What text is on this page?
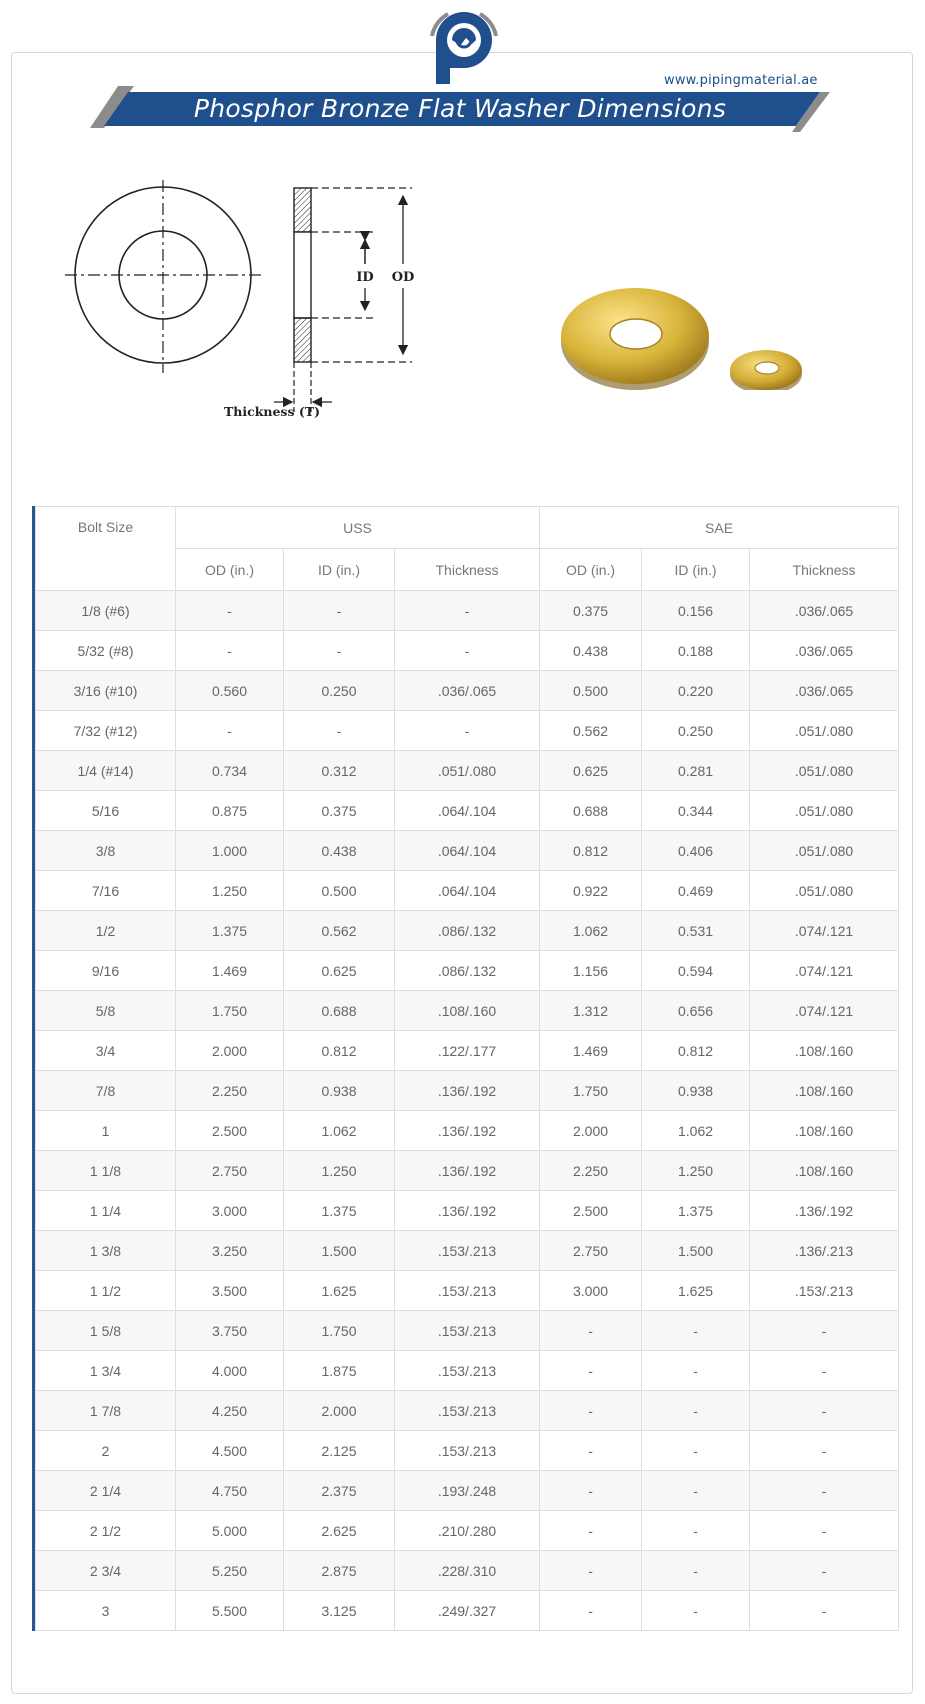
www.pipingmaterial.ae
Phosphor Bronze Flat Washer Dimensions
ID OD
Thickness (T)
Bolt Size	USS			SAE		
	OD (in.)	ID (in.)	Thickness	OD (in.)	ID (in.)	Thickness
1/8 (#6)	-	-	-	0.375	0.156	.036/.065
5/32 (#8)	-	-	-	0.438	0.188	.036/.065
3/16 (#10)	0.560	0.250	.036/.065	0.500	0.220	.036/.065
7/32 (#12)	-	-	-	0.562	0.250	.051/.080
1/4 (#14)	0.734	0.312	.051/.080	0.625	0.281	.051/.080
5/16	0.875	0.375	.064/.104	0.688	0.344	.051/.080
3/8	1.000	0.438	.064/.104	0.812	0.406	.051/.080
7/16	1.250	0.500	.064/.104	0.922	0.469	.051/.080
1/2	1.375	0.562	.086/.132	1.062	0.531	.074/.121
9/16	1.469	0.625	.086/.132	1.156	0.594	.074/.121
5/8	1.750	0.688	.108/.160	1.312	0.656	.074/.121
3/4	2.000	0.812	.122/.177	1.469	0.812	.108/.160
7/8	2.250	0.938	.136/.192	1.750	0.938	.108/.160
1	2.500	1.062	.136/.192	2.000	1.062	.108/.160
1 1/8	2.750	1.250	.136/.192	2.250	1.250	.108/.160
1 1/4	3.000	1.375	.136/.192	2.500	1.375	.136/.192
1 3/8	3.250	1.500	.153/.213	2.750	1.500	.136/.213
1 1/2	3.500	1.625	.153/.213	3.000	1.625	.153/.213
1 5/8	3.750	1.750	.153/.213	-	-	-
1 3/4	4.000	1.875	.153/.213	-	-	-
1 7/8	4.250	2.000	.153/.213	-	-	-
2	4.500	2.125	.153/.213	-	-	-
2 1/4	4.750	2.375	.193/.248	-	-	-
2 1/2	5.000	2.625	.210/.280	-	-	-
2 3/4	5.250	2.875	.228/.310	-	-	-
3	5.500	3.125	.249/.327	-	-	-
